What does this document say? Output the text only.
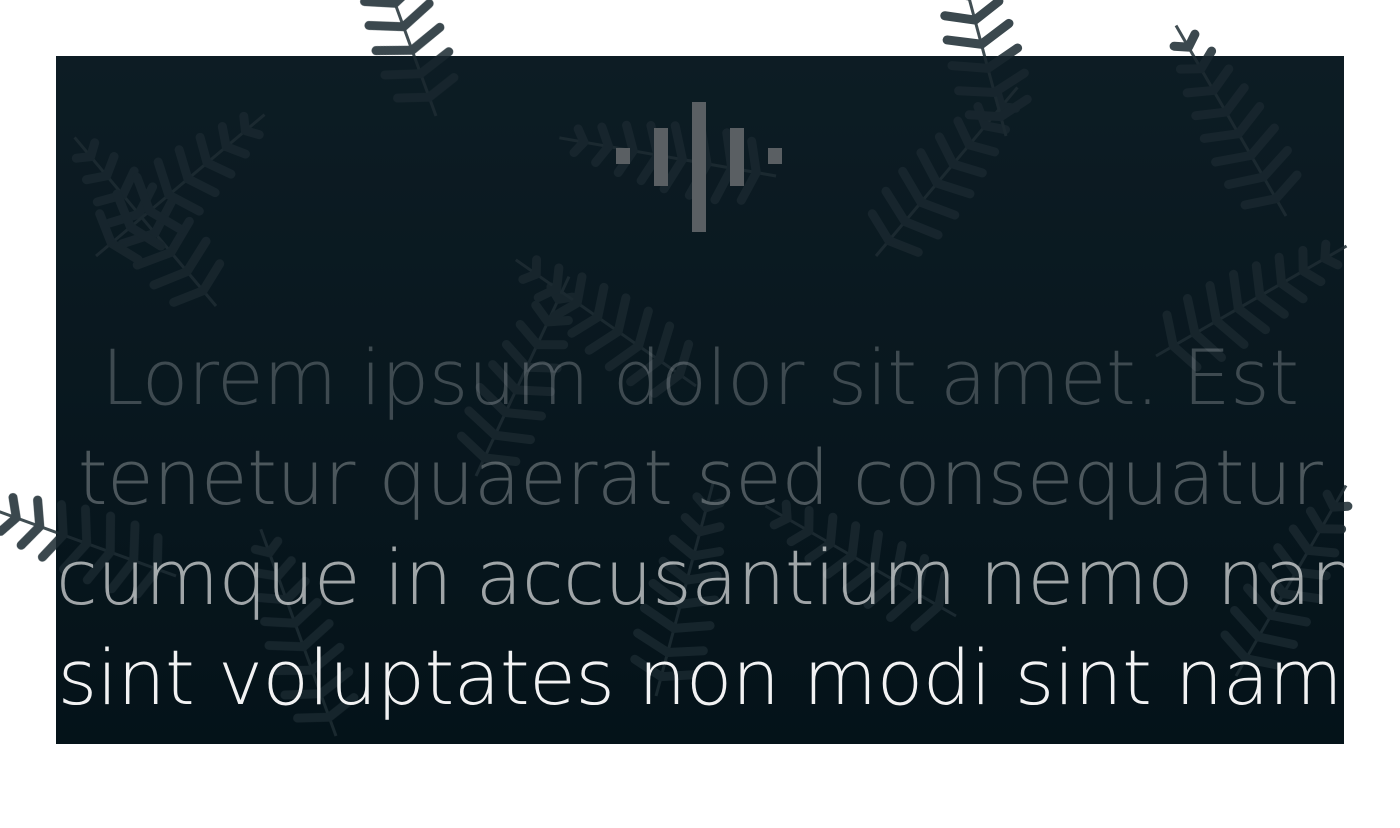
Lorem ipsum dolor sit amet. Est
tenetur quaerat sed consequatur
cumque in accusantium nemo nam
sint voluptates non modi sint nam
ipsam dolor qui
